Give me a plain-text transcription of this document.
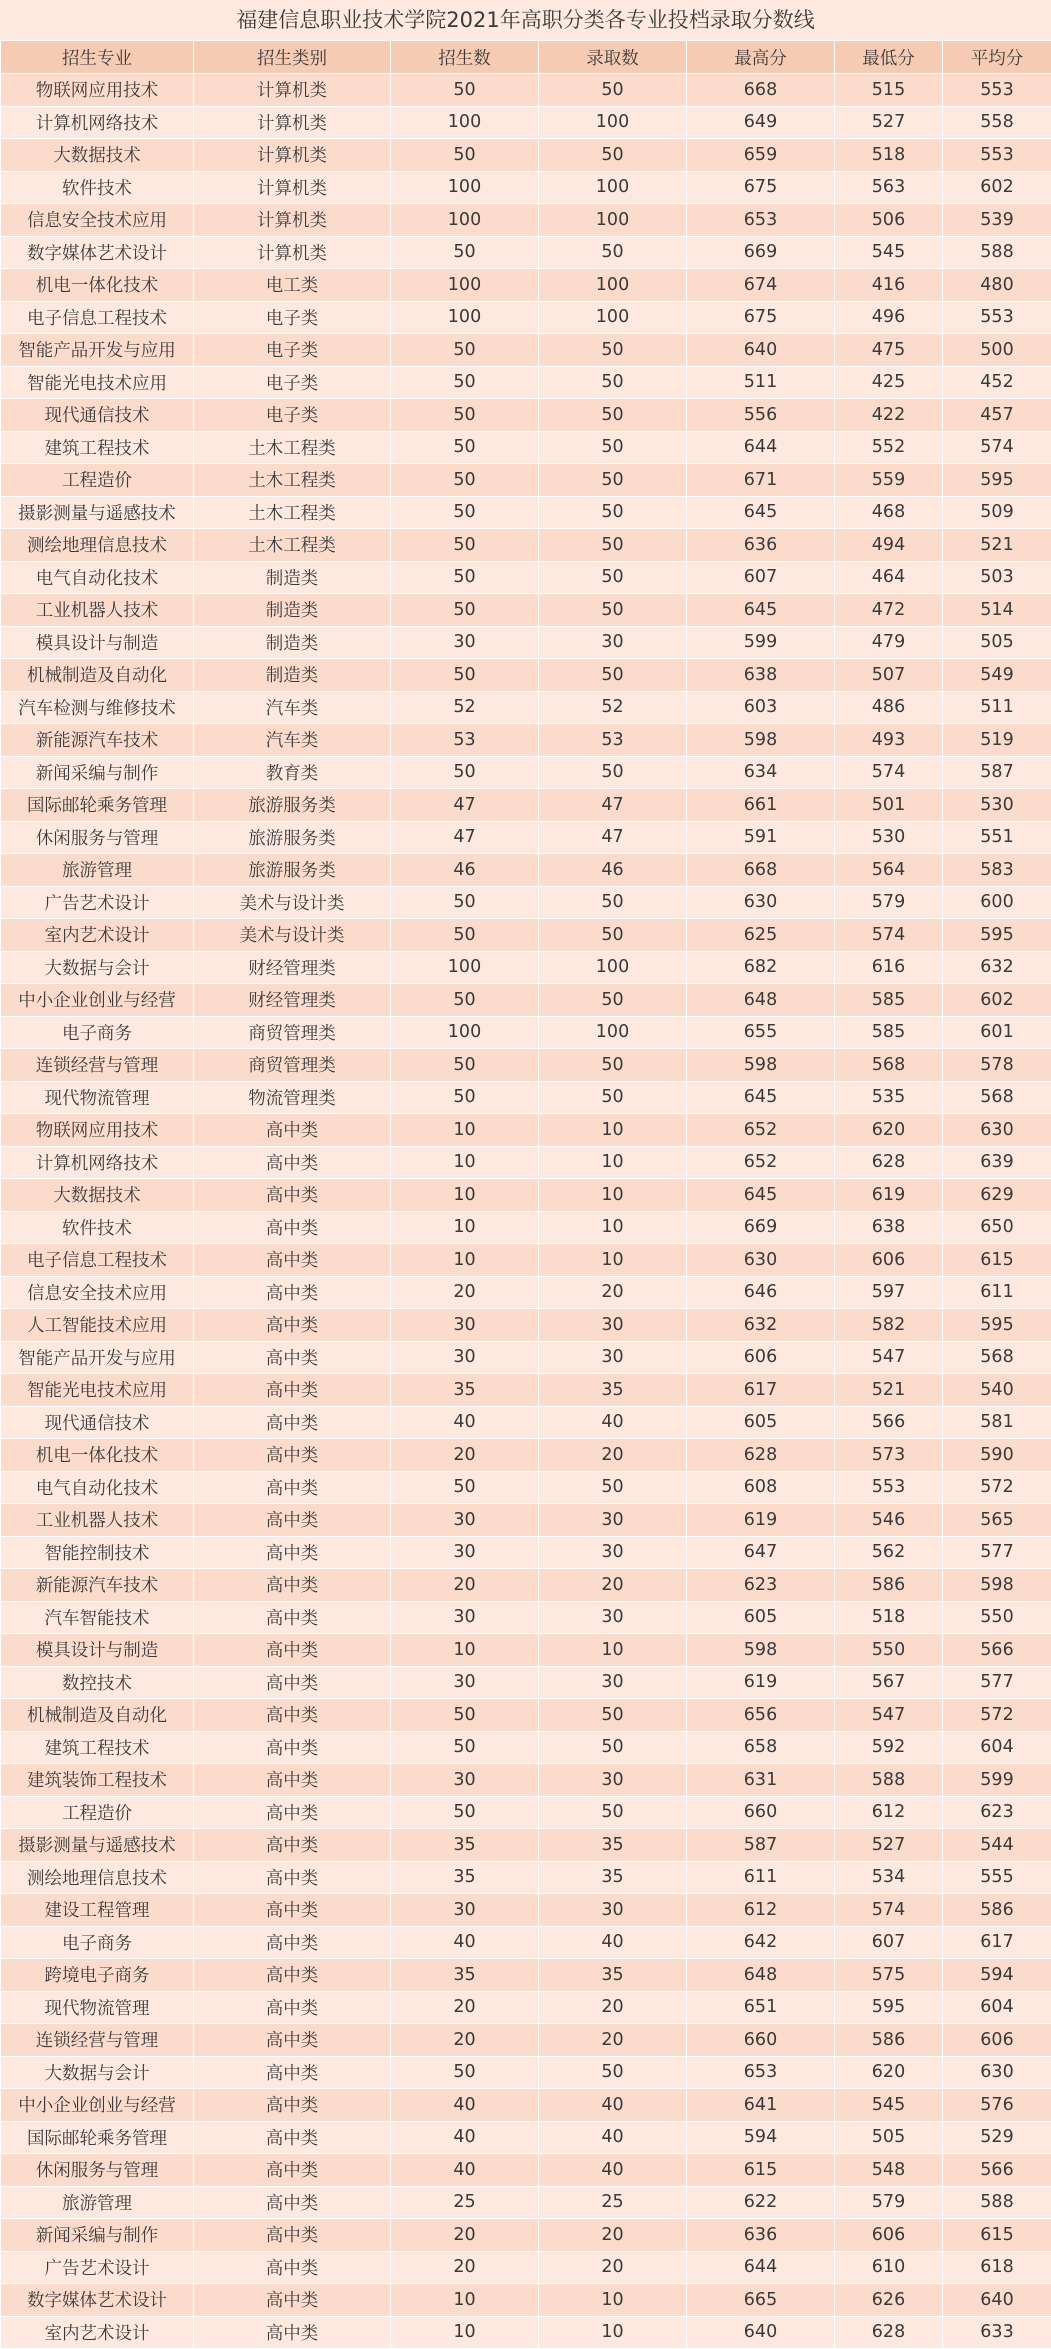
福建信息职业技术学院2021年高职分类各专业投档录取分数线
招生专业	招生类别	招生数	录取数	最高分	最低分	平均分
物联网应用技术	计算机类	50	50	668	515	553
计算机网络技术	计算机类	100	100	649	527	558
大数据技术	计算机类	50	50	659	518	553
软件技术	计算机类	100	100	675	563	602
信息安全技术应用	计算机类	100	100	653	506	539
数字媒体艺术设计	计算机类	50	50	669	545	588
机电一体化技术	电工类	100	100	674	416	480
电子信息工程技术	电子类	100	100	675	496	553
智能产品开发与应用	电子类	50	50	640	475	500
智能光电技术应用	电子类	50	50	511	425	452
现代通信技术	电子类	50	50	556	422	457
建筑工程技术	土木工程类	50	50	644	552	574
工程造价	土木工程类	50	50	671	559	595
摄影测量与遥感技术	土木工程类	50	50	645	468	509
测绘地理信息技术	土木工程类	50	50	636	494	521
电气自动化技术	制造类	50	50	607	464	503
工业机器人技术	制造类	50	50	645	472	514
模具设计与制造	制造类	30	30	599	479	505
机械制造及自动化	制造类	50	50	638	507	549
汽车检测与维修技术	汽车类	52	52	603	486	511
新能源汽车技术	汽车类	53	53	598	493	519
新闻采编与制作	教育类	50	50	634	574	587
国际邮轮乘务管理	旅游服务类	47	47	661	501	530
休闲服务与管理	旅游服务类	47	47	591	530	551
旅游管理	旅游服务类	46	46	668	564	583
广告艺术设计	美术与设计类	50	50	630	579	600
室内艺术设计	美术与设计类	50	50	625	574	595
大数据与会计	财经管理类	100	100	682	616	632
中小企业创业与经营	财经管理类	50	50	648	585	602
电子商务	商贸管理类	100	100	655	585	601
连锁经营与管理	商贸管理类	50	50	598	568	578
现代物流管理	物流管理类	50	50	645	535	568
物联网应用技术	高中类	10	10	652	620	630
计算机网络技术	高中类	10	10	652	628	639
大数据技术	高中类	10	10	645	619	629
软件技术	高中类	10	10	669	638	650
电子信息工程技术	高中类	10	10	630	606	615
信息安全技术应用	高中类	20	20	646	597	611
人工智能技术应用	高中类	30	30	632	582	595
智能产品开发与应用	高中类	30	30	606	547	568
智能光电技术应用	高中类	35	35	617	521	540
现代通信技术	高中类	40	40	605	566	581
机电一体化技术	高中类	20	20	628	573	590
电气自动化技术	高中类	50	50	608	553	572
工业机器人技术	高中类	30	30	619	546	565
智能控制技术	高中类	30	30	647	562	577
新能源汽车技术	高中类	20	20	623	586	598
汽车智能技术	高中类	30	30	605	518	550
模具设计与制造	高中类	10	10	598	550	566
数控技术	高中类	30	30	619	567	577
机械制造及自动化	高中类	50	50	656	547	572
建筑工程技术	高中类	50	50	658	592	604
建筑装饰工程技术	高中类	30	30	631	588	599
工程造价	高中类	50	50	660	612	623
摄影测量与遥感技术	高中类	35	35	587	527	544
测绘地理信息技术	高中类	35	35	611	534	555
建设工程管理	高中类	30	30	612	574	586
电子商务	高中类	40	40	642	607	617
跨境电子商务	高中类	35	35	648	575	594
现代物流管理	高中类	20	20	651	595	604
连锁经营与管理	高中类	20	20	660	586	606
大数据与会计	高中类	50	50	653	620	630
中小企业创业与经营	高中类	40	40	641	545	576
国际邮轮乘务管理	高中类	40	40	594	505	529
休闲服务与管理	高中类	40	40	615	548	566
旅游管理	高中类	25	25	622	579	588
新闻采编与制作	高中类	20	20	636	606	615
广告艺术设计	高中类	20	20	644	610	618
数字媒体艺术设计	高中类	10	10	665	626	640
室内艺术设计	高中类	10	10	640	628	633
